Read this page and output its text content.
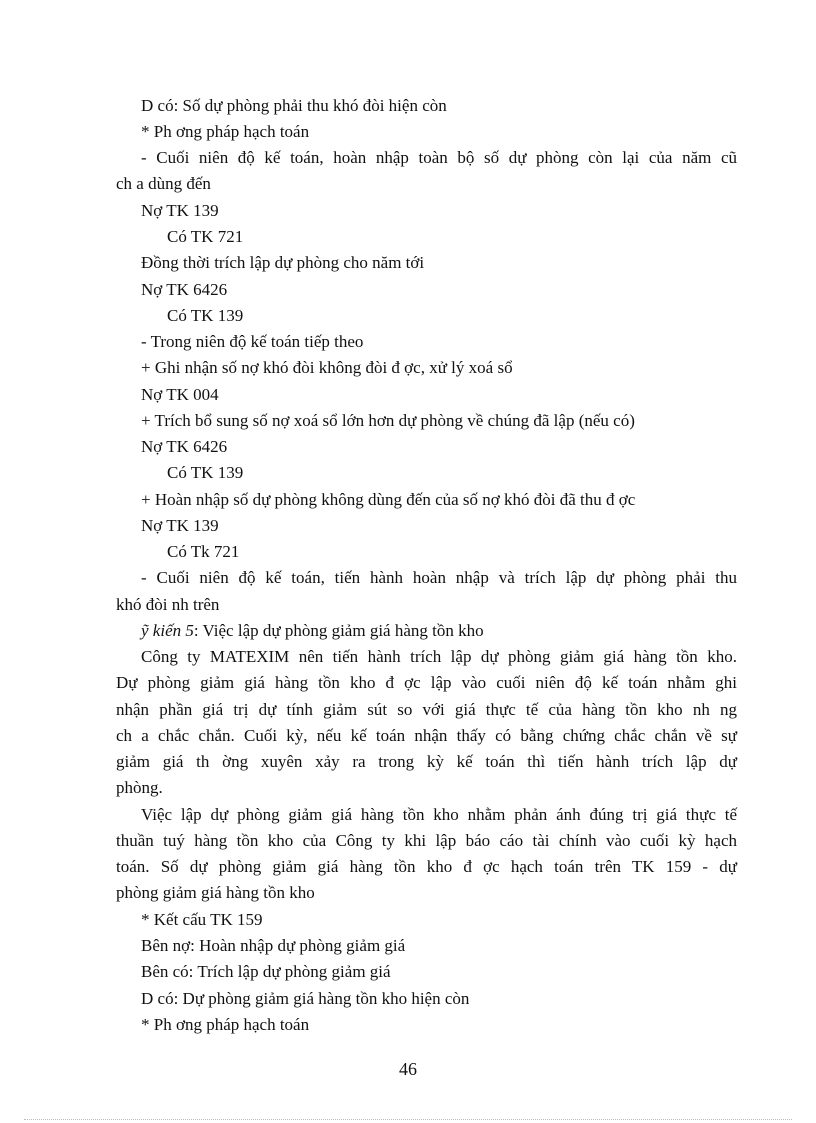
D có: Số dự phòng phải thu khó đòi hiện còn
* Ph ơng pháp hạch toán
- Cuối niên độ kế toán, hoàn nhập toàn bộ số dự phòng còn lại của năm cũ
ch a dùng đến
Nợ TK 139
Có TK 721
Đồng thời trích lập dự phòng cho năm tới
Nợ TK 6426
Có TK 139
- Trong niên độ kế toán tiếp theo
+ Ghi nhận số nợ khó đòi không đòi đ ợc, xử lý xoá sổ
Nợ TK 004
+ Trích bổ sung số nợ xoá sổ lớn hơn dự phòng về chúng đã lập (nếu có)
Nợ TK 6426
Có TK 139
+ Hoàn nhập số dự phòng không dùng đến của số nợ khó đòi đã thu đ ợc
Nợ TK 139
Có Tk 721
- Cuối niên độ kế toán, tiến hành hoàn nhập và trích lập dự phòng phải thu
khó đòi nh trên
ỹ kiến 5: Việc lập dự phòng giảm giá hàng tồn kho
Công ty MATEXIM nên tiến hành trích lập dự phòng giảm giá hàng tồn kho.
Dự phòng giảm giá hàng tồn kho đ ợc lập vào cuối niên độ kế toán nhằm ghi
nhận phần giá trị dự tính giảm sút so với giá thực tế của hàng tồn kho nh ng
ch a chắc chắn. Cuối kỳ, nếu kế toán nhận thấy có bằng chứng chắc chắn về sự
giảm giá th ờng xuyên xảy ra trong kỳ kế toán thì tiến hành trích lập dự
phòng.
Việc lập dự phòng giảm giá hàng tồn kho nhằm phản ánh đúng trị giá thực tế
thuần tuý hàng tồn kho của Công ty khi lập báo cáo tài chính vào cuối kỳ hạch
toán. Số dự phòng giảm giá hàng tồn kho đ ợc hạch toán trên TK 159 - dự
phòng giảm giá hàng tồn kho
* Kết cấu TK 159
Bên nợ: Hoàn nhập dự phòng giảm giá
Bên có: Trích lập dự phòng giảm giá
D có: Dự phòng giảm giá hàng tồn kho hiện còn
* Ph ơng pháp hạch toán
46
